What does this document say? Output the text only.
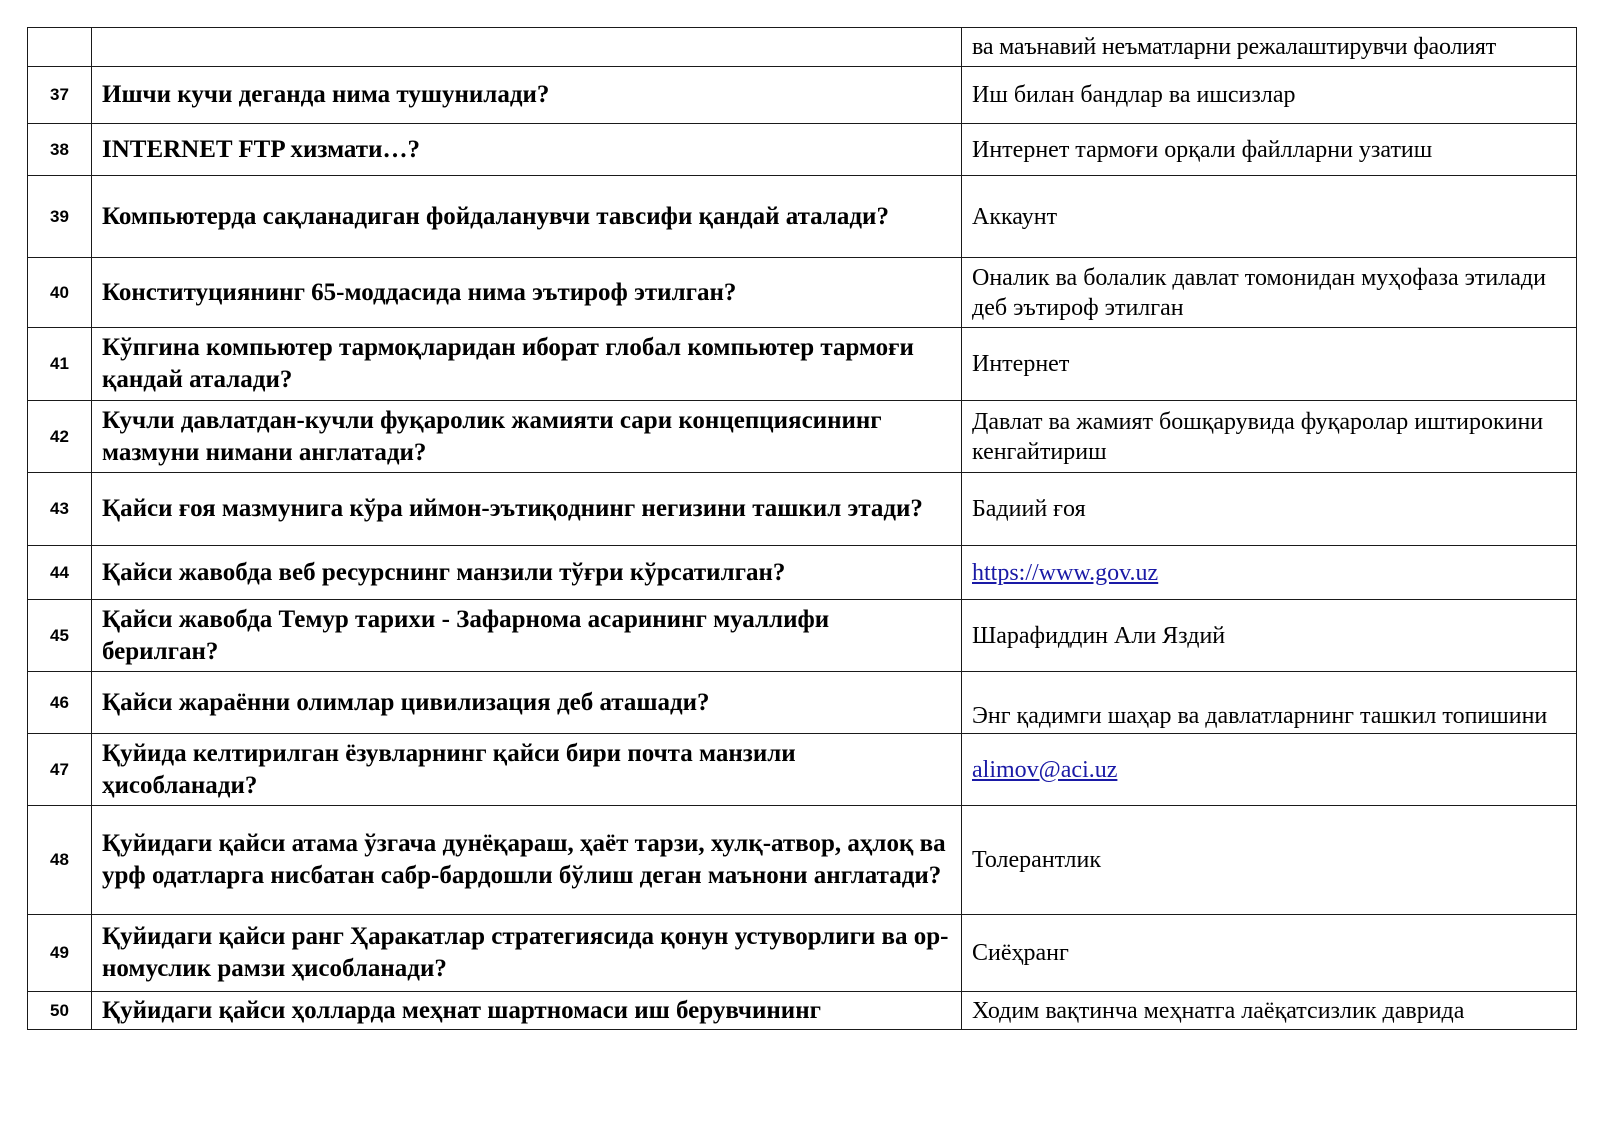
		ва маънавий неъматларни режалаштирувчи фаолият
37	Ишчи кучи деганда нима тушунилади?	Иш билан бандлар ва ишсизлар
38	INTERNET FTP хизмати…?	Интернет тармоғи орқали файлларни узатиш
39	Компьютерда сақланадиган фойдаланувчи тавсифи қандай аталади?	Аккаунт
40	Конституциянинг 65-моддасида нима эътироф этилган?	Оналик ва болалик давлат томонидан муҳофаза этилади деб эътироф этилган
41	Кўпгина компьютер тармоқларидан иборат глобал компьютер тармоғи қандай аталади?	Интернет
42	Кучли давлатдан-кучли фуқаролик жамияти сари концепциясининг мазмуни нимани англатади?	Давлат ва жамият бошқарувида фуқаролар иштирокини кенгайтириш
43	Қайси ғоя мазмунига кўра иймон-эътиқоднинг негизини ташкил этади?	Бадиий ғоя
44	Қайси жавобда веб ресурснинг манзили тўғри кўрсатилган?	https://www.gov.uz
45	Қайси жавобда Темур тарихи - Зафарнома асарининг муаллифи берилган?	Шарафиддин Али Яздий
46	Қайси жараённи олимлар цивилизация деб аташади?	Энг қадимги шаҳар ва давлатларнинг ташкил топишини
47	Қуйида келтирилган ёзувларнинг қайси бири почта манзили ҳисобланади?	alimov@aci.uz
48	Қуйидаги қайси атама ўзгача дунёқараш, ҳаёт тарзи, хулқ-атвор, аҳлоқ ва урф одатларга нисбатан сабр-бардошли бўлиш деган маънони англатади?	Толерантлик
49	Қуйидаги қайси ранг Ҳаракатлар стратегиясида қонун устуворлиги ва ор-номуслик рамзи ҳисобланади?	Сиёҳранг
50	Қуйидаги қайси ҳолларда меҳнат шартномаси иш берувчининг	Ходим вақтинча меҳнатга лаёқатсизлик даврида
